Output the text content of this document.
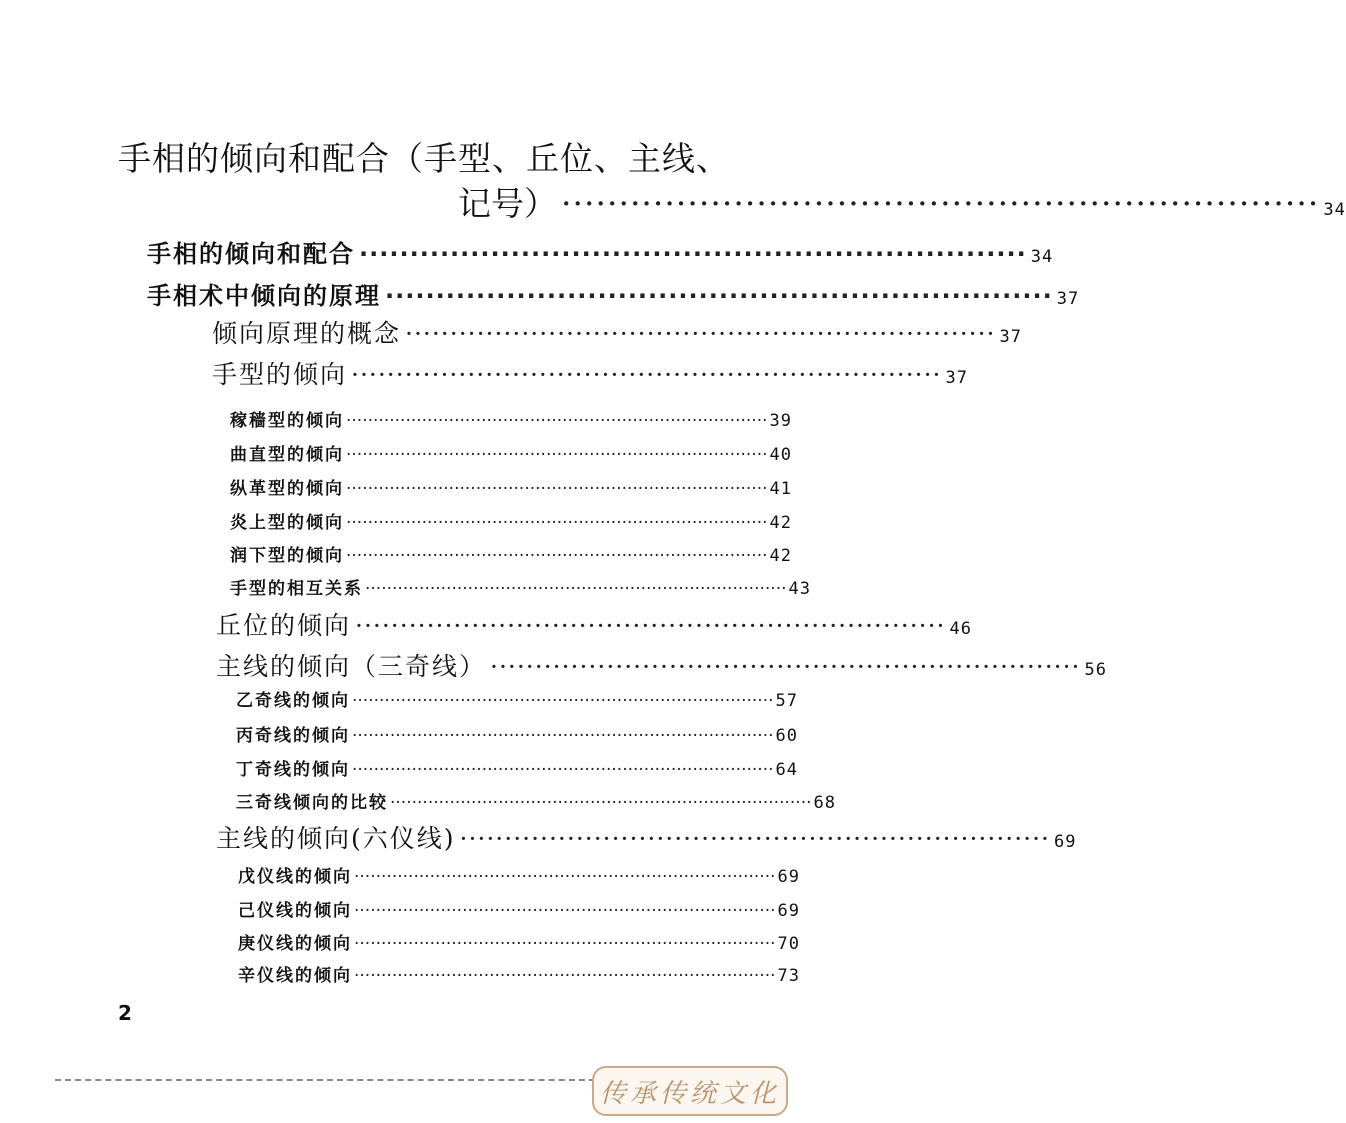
手相的倾向和配合（手型、丘位、主线、
记号） ·································································· 34
手相的倾向和配合 ·································································· 34
手相术中倾向的原理 ·································································· 37
倾向原理的概念 ·································································· 37
手型的倾向 ·································································· 37
稼穑型的倾向 ·············································································· 39
曲直型的倾向 ·············································································· 40
纵革型的倾向 ·············································································· 41
炎上型的倾向 ·············································································· 42
润下型的倾向 ·············································································· 42
手型的相互关系 ·············································································· 43
丘位的倾向 ·································································· 46
主线的倾向（三奇线） ·································································· 56
乙奇线的倾向 ·············································································· 57
丙奇线的倾向 ·············································································· 60
丁奇线的倾向 ·············································································· 64
三奇线倾向的比较 ·············································································· 68
主线的倾向(六仪线) ·································································· 69
戊仪线的倾向 ·············································································· 69
己仪线的倾向 ·············································································· 69
庚仪线的倾向 ·············································································· 70
辛仪线的倾向 ·············································································· 73
2
传承传统文化
